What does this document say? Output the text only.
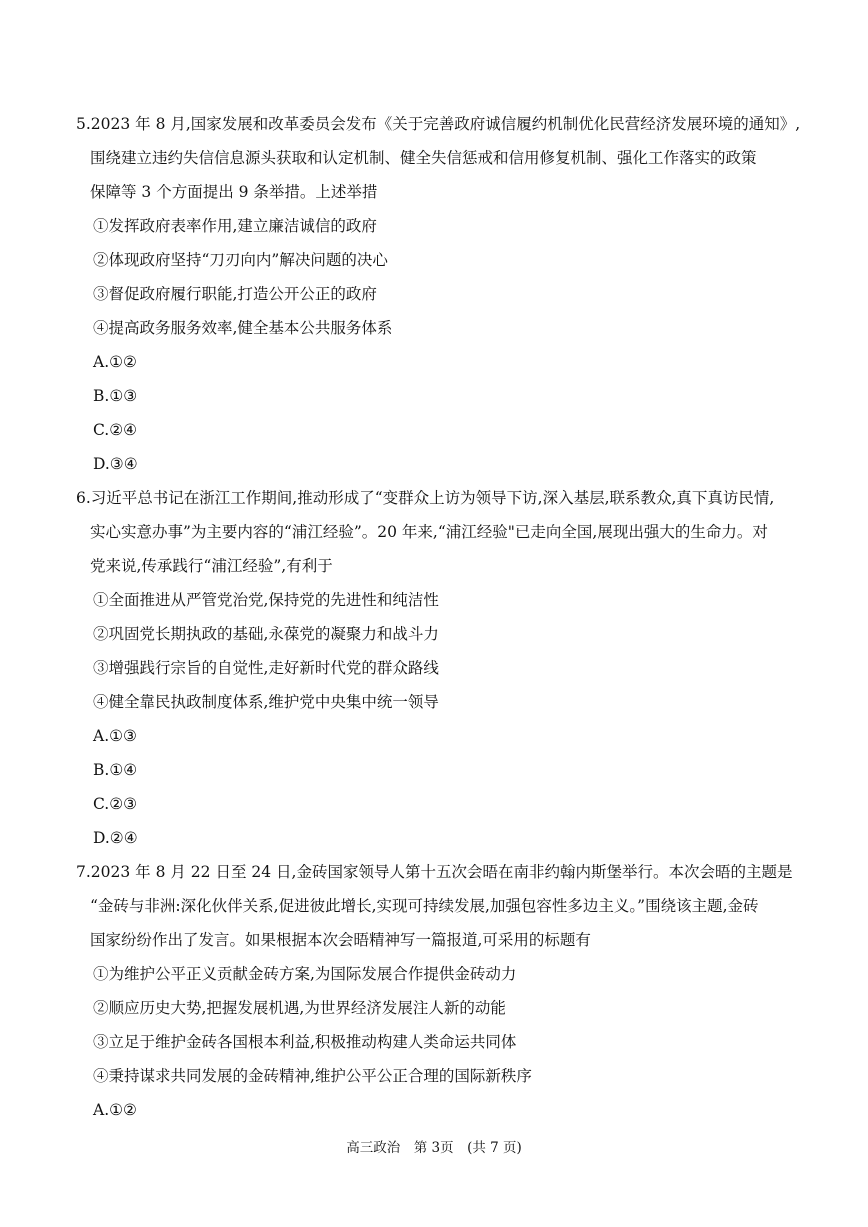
5.2023 年 8 月,国家发展和改革委员会发布《关于完善政府诚信履约机制优化民营经济发展环境的通知》,
围绕建立违约失信信息源头获取和认定机制、健全失信惩戒和信用修复机制、强化工作落实的政策
保障等 3 个方面提出 9 条举措。上述举措
①发挥政府表率作用,建立廉洁诚信的政府
②体现政府坚持“刀刃向内”解决问题的决心
③督促政府履行职能,打造公开公正的政府
④提高政务服务效率,健全基本公共服务体系
A.①②
B.①③
C.②④
D.③④
6.习近平总书记在浙江工作期间,推动形成了“变群众上访为领导下访,深入基层,联系教众,真下真访民情,
实心实意办事”为主要内容的“浦江经验”。20 年来,“浦江经验"已走向全国,展现出强大的生命力。对
党来说,传承践行“浦江经验”,有利于
①全面推进从严管党治党,保持党的先进性和纯洁性
②巩固党长期执政的基础,永葆党的凝聚力和战斗力
③增强践行宗旨的自觉性,走好新时代党的群众路线
④健全靠民执政制度体系,维护党中央集中统一领导
A.①③
B.①④
C.②③
D.②④
7.2023 年 8 月 22 日至 24 日,金砖国家领导人第十五次会晤在南非约翰内斯堡举行。本次会晤的主题是
“金砖与非洲:深化伙伴关系,促进彼此增长,实现可持续发展,加强包容性多边主义。”围绕该主题,金砖
国家纷纷作出了发言。如果根据本次会晤精神写一篇报道,可采用的标题有
①为维护公平正义贡献金砖方案,为国际发展合作提供金砖动力
②顺应历史大势,把握发展机遇,为世界经济发展注人新的动能
③立足于维护金砖各国根本利益,积极推动构建人类命运共同体
④秉持谋求共同发展的金砖精神,维护公平公正合理的国际新秩序
A.①②
高三政治　第 3页　(共 7 页)
